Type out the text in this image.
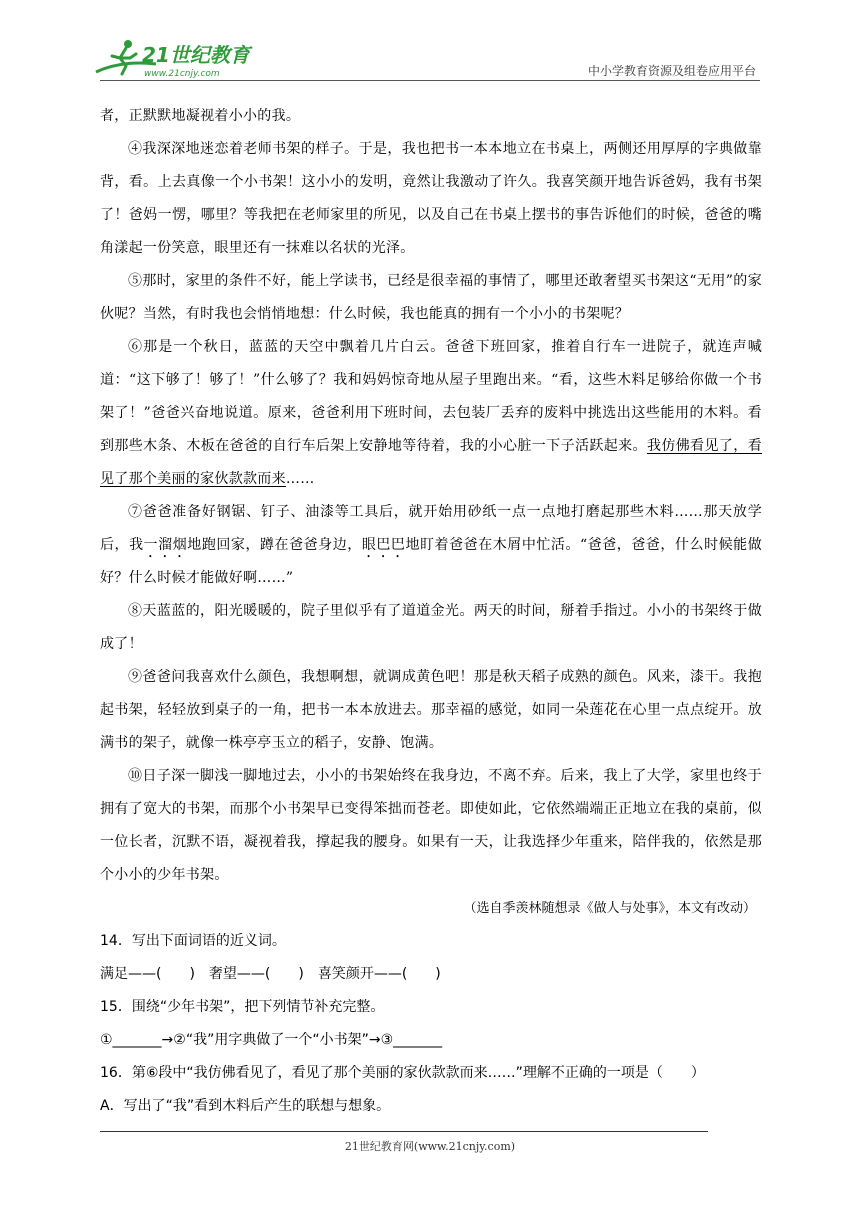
21世纪教育
www.21cnjy.com	中小学教育资源及组卷应用平台

者，正默默地凝视着小小的我。

④我深深地迷恋着老师书架的样子。于是，我也把书一本本地立在书桌上，两侧还用厚厚的字典做靠背，看。上去真像一个小书架！这小小的发明，竟然让我激动了许久。我喜笑颜开地告诉爸妈，我有书架了！爸妈一愣，哪里？等我把在老师家里的所见，以及自己在书桌上摆书的事告诉他们的时候，爸爸的嘴角漾起一份笑意，眼里还有一抹难以名状的光泽。

⑤那时，家里的条件不好，能上学读书，已经是很幸福的事情了，哪里还敢奢望买书架这“无用”的家伙呢？当然，有时我也会悄悄地想：什么时候，我也能真的拥有一个小小的书架呢？

⑥那是一个秋日，蓝蓝的天空中飘着几片白云。爸爸下班回家，推着自行车一进院子，就连声喊道：“这下够了！够了！”什么够了？我和妈妈惊奇地从屋子里跑出来。“看，这些木料足够给你做一个书架了！”爸爸兴奋地说道。原来，爸爸利用下班时间，去包装厂丢弃的废料中挑选出这些能用的木料。看到那些木条、木板在爸爸的自行车后架上安静地等待着，我的小心脏一下子活跃起来。我仿佛看见了，看见了那个美丽的家伙款款而来……

⑦爸爸准备好钢锯、钉子、油漆等工具后，就开始用砂纸一点一点地打磨起那些木料……那天放学后，我一溜烟地跑回家，蹲在爸爸身边，眼巴巴地盯着爸爸在木屑中忙活。“爸爸，爸爸，什么时候能做好？什么时候才能做好啊……”

⑧天蓝蓝的，阳光暖暖的，院子里似乎有了道道金光。两天的时间，掰着手指过。小小的书架终于做成了！

⑨爸爸问我喜欢什么颜色，我想啊想，就调成黄色吧！那是秋天稻子成熟的颜色。风来，漆干。我抱起书架，轻轻放到桌子的一角，把书一本本放进去。那幸福的感觉，如同一朵莲花在心里一点点绽开。放满书的架子，就像一株亭亭玉立的稻子，安静、饱满。

⑩日子深一脚浅一脚地过去，小小的书架始终在我身边，不离不弃。后来，我上了大学，家里也终于拥有了宽大的书架，而那个小书架早已变得笨拙而苍老。即使如此，它依然端端正正地立在我的桌前，似一位长者，沉默不语，凝视着我，撑起我的腰身。如果有一天，让我选择少年重来，陪伴我的，依然是那个小小的少年书架。

（选自季羡林随想录《做人与处事》，本文有改动）

14．写出下面词语的近义词。

满足——(　　)　奢望——(　　)　喜笑颜开——(　　)

15．围绕“少年书架”，把下列情节补充完整。

①_______→②“我”用字典做了一个“小书架”→③_______

16．第⑥段中“我仿佛看见了，看见了那个美丽的家伙款款而来……”理解不正确的一项是（　　）

A．写出了“我”看到木料后产生的联想与想象。

21世纪教育网(www.21cnjy.com)
